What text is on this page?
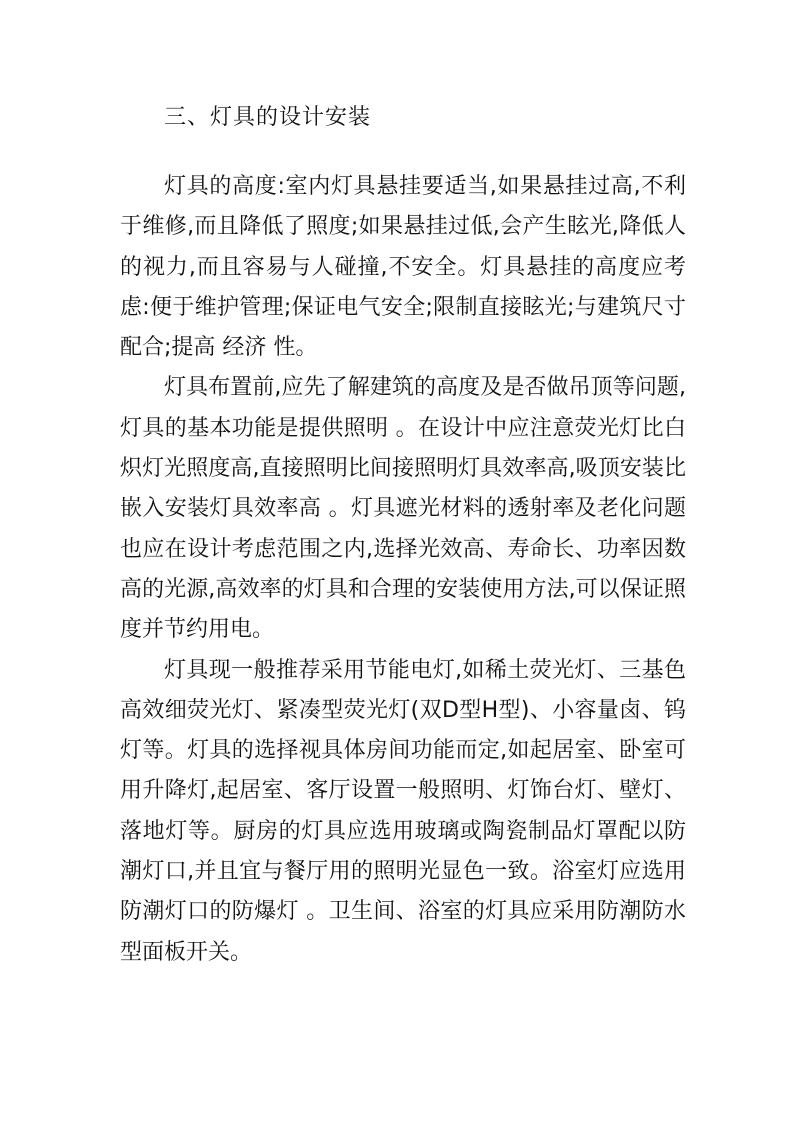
三、灯具的设计安装

灯具的高度:室内灯具悬挂要适当,如果悬挂过高,不利于维修,而且降低了照度;如果悬挂过低,会产生眩光,降低人的视力,而且容易与人碰撞,不安全。灯具悬挂的高度应考虑:便于维护管理;保证电气安全;限制直接眩光;与建筑尺寸配合;提高 经济 性。

灯具布置前,应先了解建筑的高度及是否做吊顶等问题,灯具的基本功能是提供照明 。在设计中应注意荧光灯比白炽灯光照度高,直接照明比间接照明灯具效率高,吸顶安装比嵌入安装灯具效率高 。灯具遮光材料的透射率及老化问题也应在设计考虑范围之内,选择光效高、寿命长、功率因数高的光源,高效率的灯具和合理的安装使用方法,可以保证照度并节约用电。

灯具现一般推荐采用节能电灯,如稀土荧光灯、三基色高效细荧光灯、紧凑型荧光灯(双D型H型)、小容量卤、钨灯等。灯具的选择视具体房间功能而定,如起居室、卧室可用升降灯,起居室、客厅设置一般照明、灯饰台灯、壁灯、落地灯等。厨房的灯具应选用玻璃或陶瓷制品灯罩配以防潮灯口,并且宜与餐厅用的照明光显色一致。浴室灯应选用防潮灯口的防爆灯 。卫生间、浴室的灯具应采用防潮防水型面板开关。
